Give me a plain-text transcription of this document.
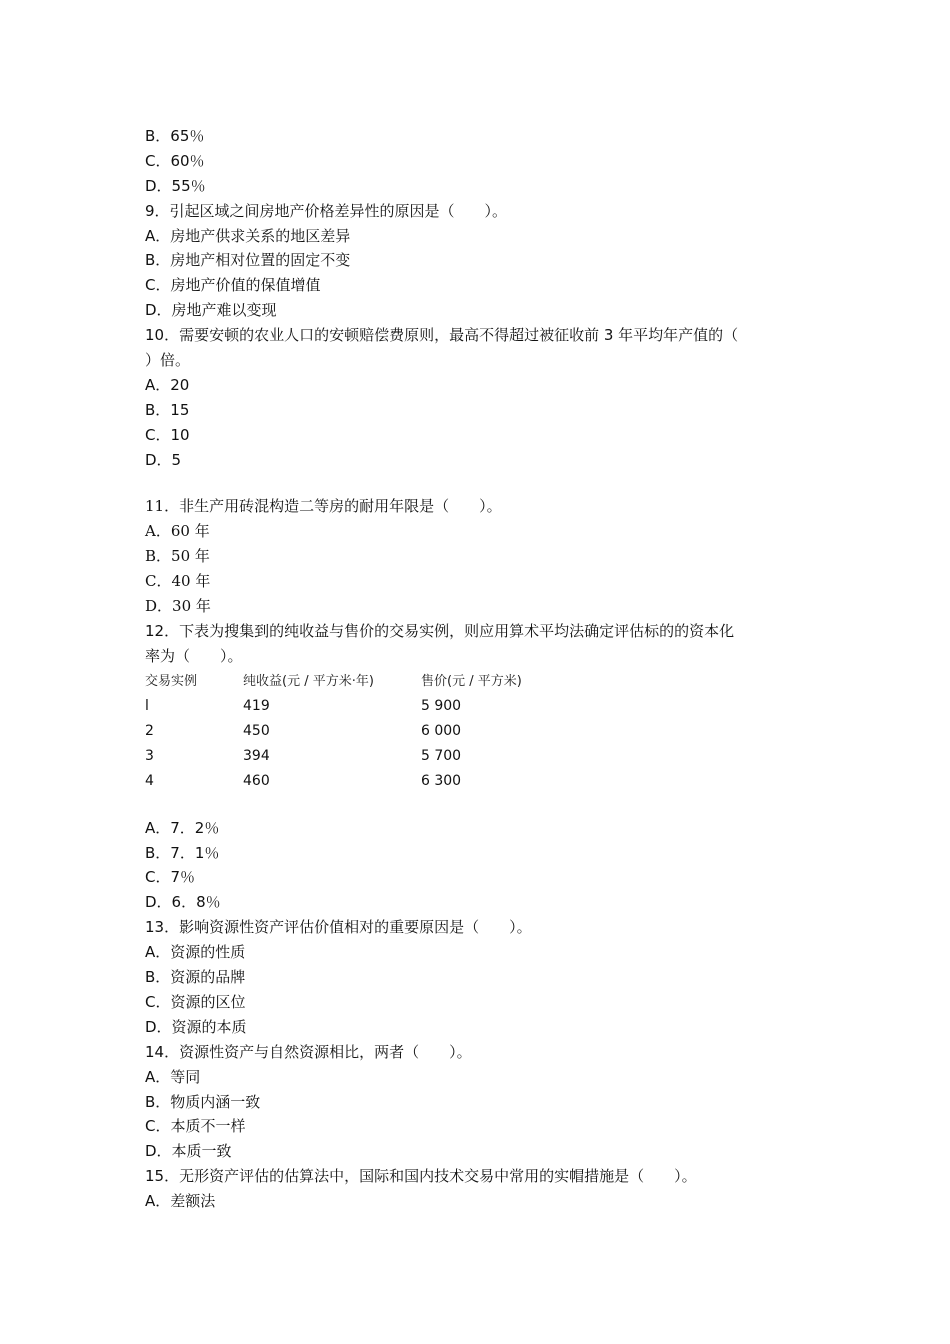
B．65％
C．60％
D．55％
9．引起区域之间房地产价格差异性的原因是（　　）。
A．房地产供求关系的地区差异
B．房地产相对位置的固定不变
C．房地产价值的保值增值
D．房地产难以变现
10．需要安顿的农业人口的安顿赔偿费原则，最高不得超过被征收前 3 年平均年产值的（
）倍。
A．20
B．15
C．10
D．5
11．非生产用砖混构造二等房的耐用年限是（　　）。
A．60 年
B．50 年
C．40 年
D．30 年
12．下表为搜集到的纯收益与售价的交易实例，则应用算术平均法确定评估标的的资本化
率为（　　）。
交易实例	纯收益(元 / 平方米·年)	售价(元 / 平方米)
l	419	5 900
2	450	6 000
3	394	5 700
4	460	6 300
A．7．2％
B．7．1％
C．7％
D．6．8％
13．影响资源性资产评估价值相对的重要原因是（　　）。
A．资源的性质
B．资源的品牌
C．资源的区位
D．资源的本质
14．资源性资产与自然资源相比，两者（　　）。
A．等同
B．物质内涵一致
C．本质不一样
D．本质一致
15．无形资产评估的估算法中，国际和国内技术交易中常用的实帽措施是（　　）。
A．差额法
